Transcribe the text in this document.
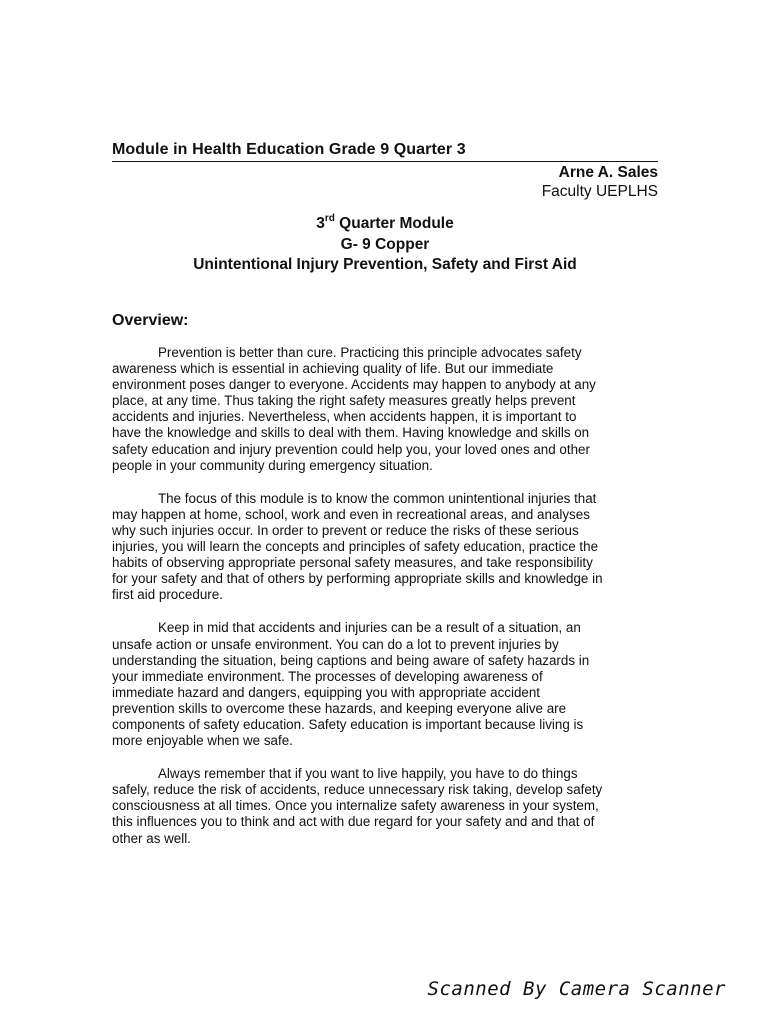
Module in Health Education Grade 9 Quarter 3
Arne A. Sales
Faculty UEPLHS
3rd Quarter Module
G- 9 Copper
Unintentional Injury Prevention, Safety and First Aid
Overview:

Prevention is better than cure. Practicing this principle advocates safety
awareness which is essential in achieving quality of life. But our immediate
environment poses danger to everyone. Accidents may happen to anybody at any
place, at any time. Thus taking the right safety measures greatly helps prevent
accidents and injuries. Nevertheless, when accidents happen, it is important to
have the knowledge and skills to deal with them. Having knowledge and skills on
safety education and injury prevention could help you, your loved ones and other
people in your community during emergency situation.

The focus of this module is to know the common unintentional injuries that
may happen at home, school, work and even in recreational areas, and analyses
why such injuries occur. In order to prevent or reduce the risks of these serious
injuries, you will learn the concepts and principles of safety education, practice the
habits of observing appropriate personal safety measures, and take responsibility
for your safety and that of others by performing appropriate skills and knowledge in
first aid procedure.

Keep in mid that accidents and injuries can be a result of a situation, an
unsafe action or unsafe environment. You can do a lot to prevent injuries by
understanding the situation, being captions and being aware of safety hazards in
your immediate environment. The processes of developing awareness of
immediate hazard and dangers, equipping you with appropriate accident
prevention skills to overcome these hazards, and keeping everyone alive are
components of safety education. Safety education is important because living is
more enjoyable when we safe.

Always remember that if you want to live happily, you have to do things
safely, reduce the risk of accidents, reduce unnecessary risk taking, develop safety
consciousness at all times. Once you internalize safety awareness in your system,
this influences you to think and act with due regard for your safety and and that of
other as well.

Scanned By Camera Scanner
